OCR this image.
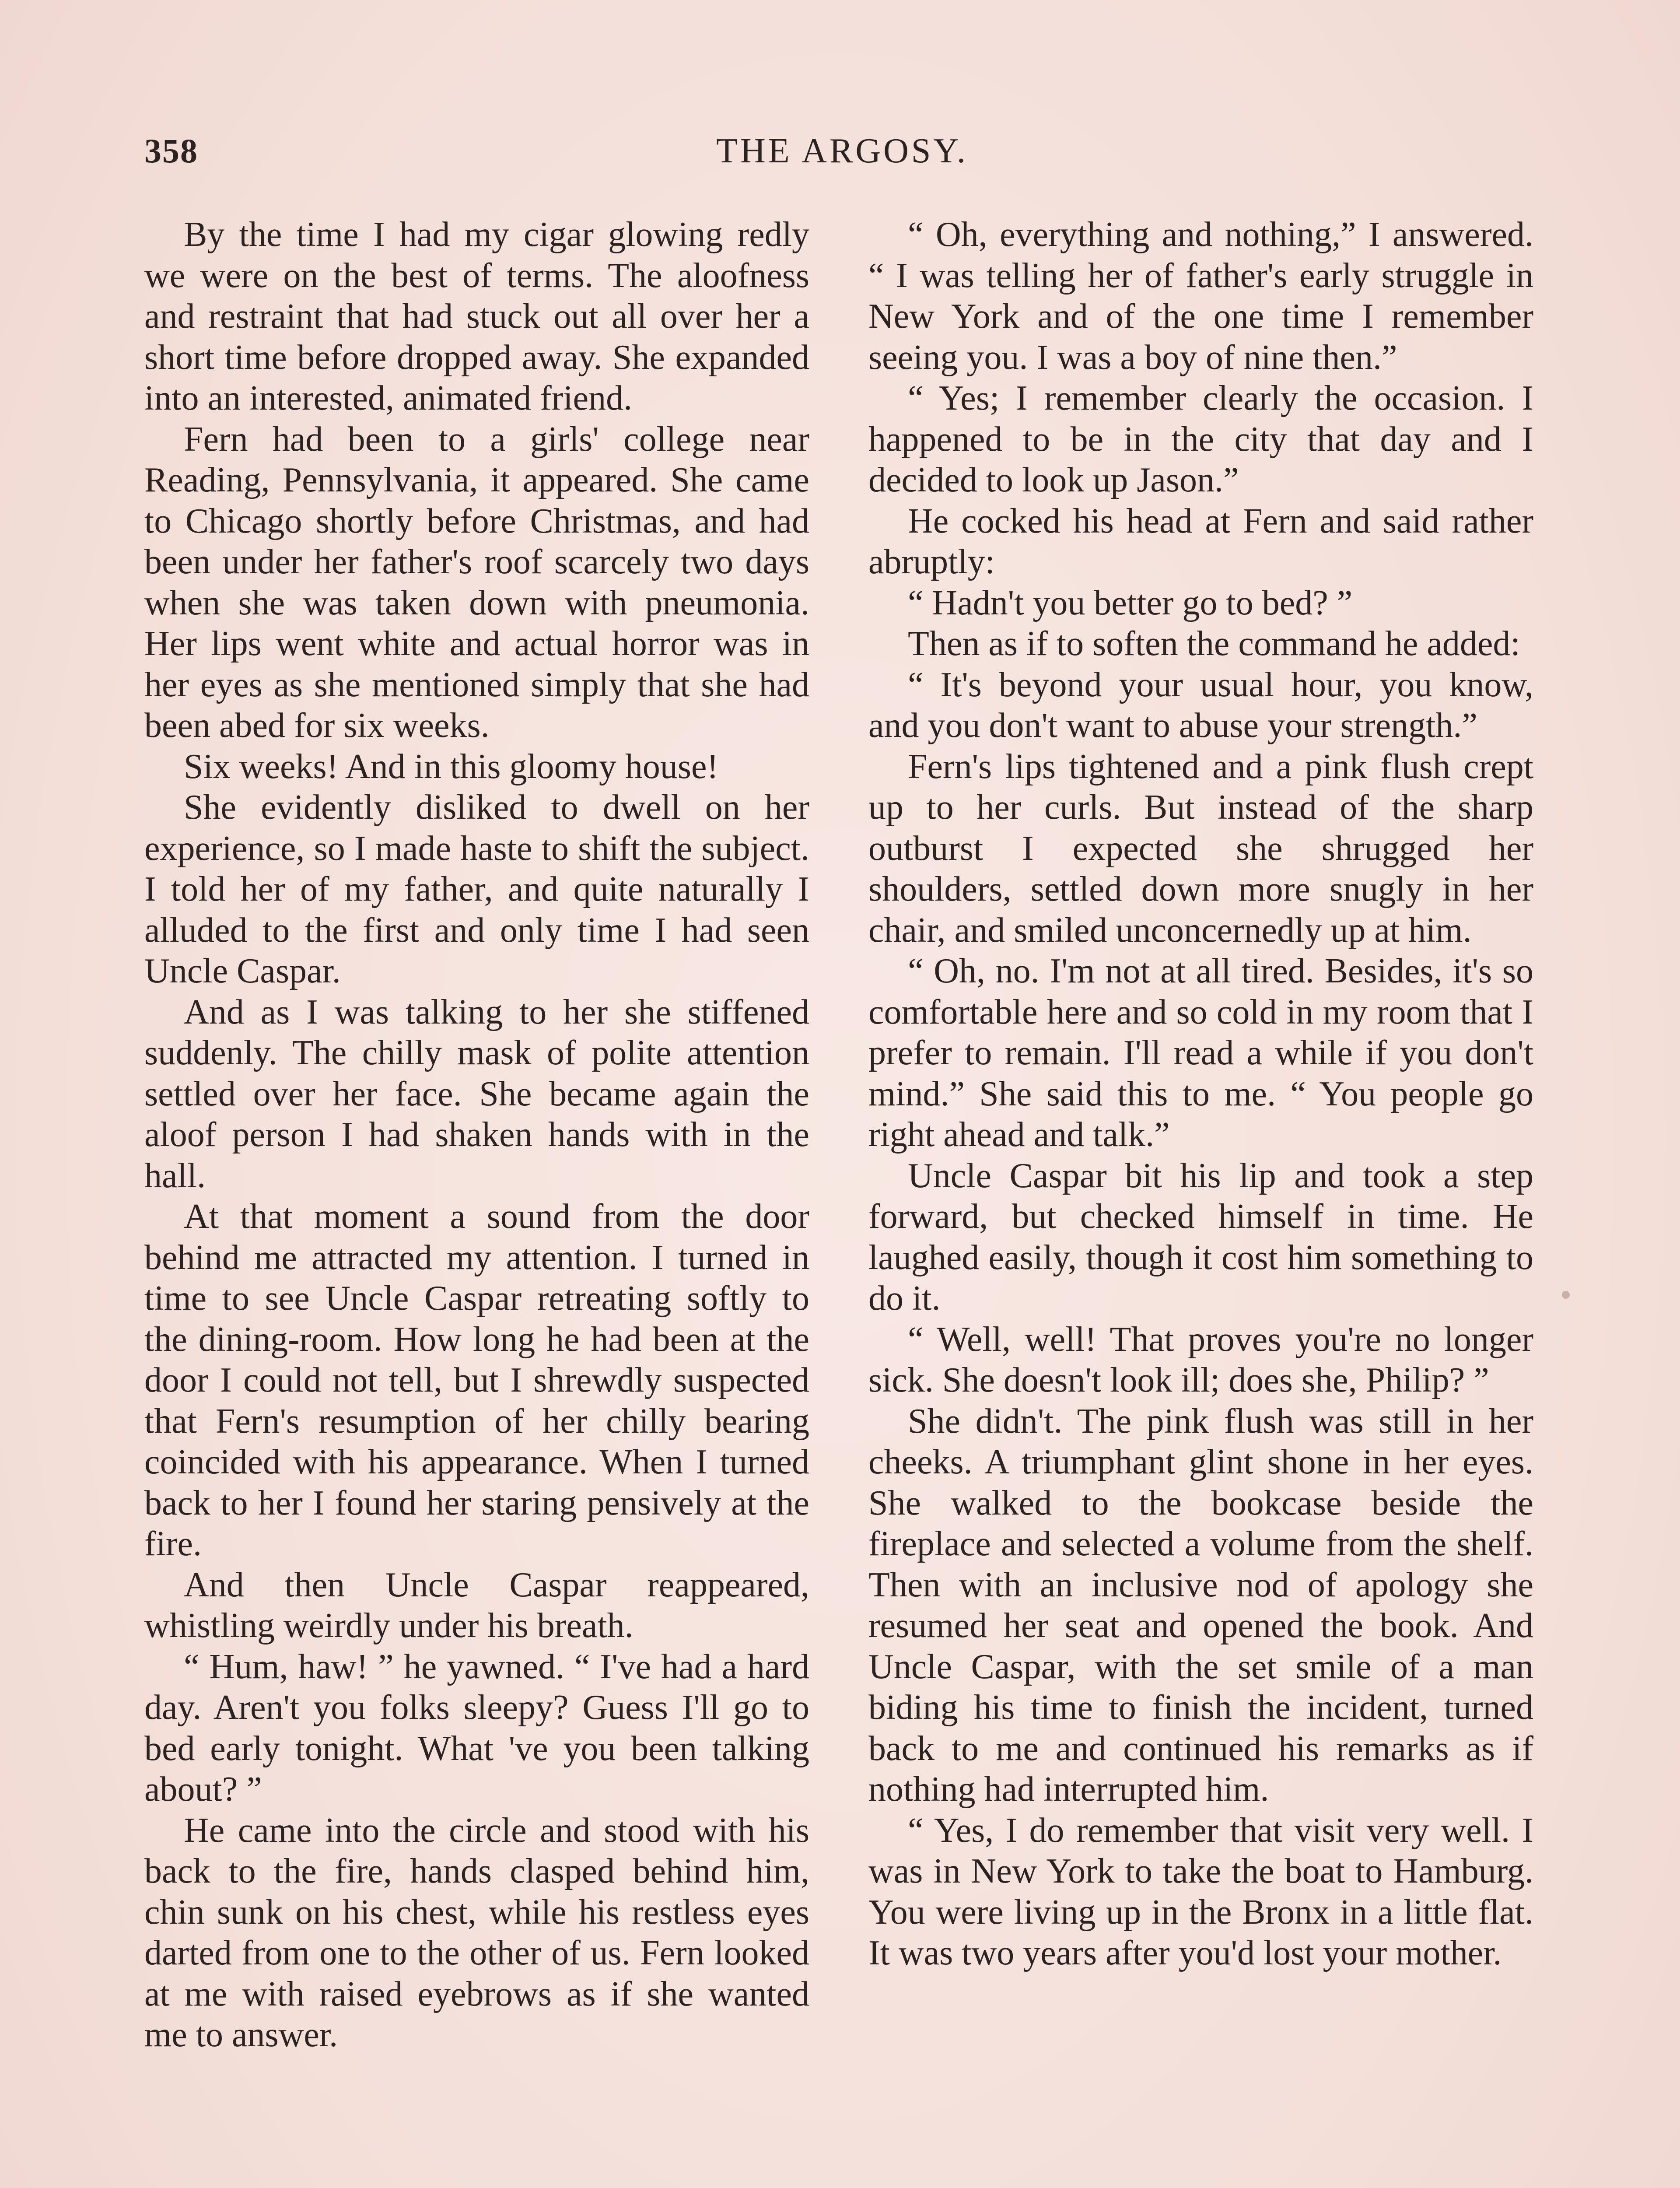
358	THE ARGOSY.

By the time I had my cigar glowing redly we were on the best of terms. The aloofness and restraint that had stuck out all over her a short time before dropped away. She expanded into an interested, animated friend.

Fern had been to a girls' college near Reading, Pennsylvania, it appeared. She came to Chicago shortly before Christmas, and had been under her father's roof scarcely two days when she was taken down with pneumonia. Her lips went white and actual horror was in her eyes as she mentioned simply that she had been abed for six weeks.

Six weeks! And in this gloomy house!

She evidently disliked to dwell on her experience, so I made haste to shift the subject. I told her of my father, and quite naturally I alluded to the first and only time I had seen Uncle Caspar.

And as I was talking to her she stiffened suddenly. The chilly mask of polite attention settled over her face. She became again the aloof person I had shaken hands with in the hall.

At that moment a sound from the door behind me attracted my attention. I turned in time to see Uncle Caspar retreating softly to the dining-room. How long he had been at the door I could not tell, but I shrewdly suspected that Fern's resumption of her chilly bearing coincided with his appearance. When I turned back to her I found her staring pensively at the fire.

And then Uncle Caspar reappeared, whistling weirdly under his breath.

“ Hum, haw! ” he yawned. “ I've had a hard day. Aren't you folks sleepy? Guess I'll go to bed early tonight. What 've you been talking about? ”

He came into the circle and stood with his back to the fire, hands clasped behind him, chin sunk on his chest, while his restless eyes darted from one to the other of us. Fern looked at me with raised eyebrows as if she wanted me to answer.

“ Oh, everything and nothing,” I answered. “ I was telling her of father's early struggle in New York and of the one time I remember seeing you. I was a boy of nine then.”

“ Yes; I remember clearly the occasion. I happened to be in the city that day and I decided to look up Jason.”

He cocked his head at Fern and said rather abruptly:

“ Hadn't you better go to bed? ”

Then as if to soften the command he added:

“ It's beyond your usual hour, you know, and you don't want to abuse your strength.”

Fern's lips tightened and a pink flush crept up to her curls. But instead of the sharp outburst I expected she shrugged her shoulders, settled down more snugly in her chair, and smiled unconcernedly up at him.

“ Oh, no. I'm not at all tired. Besides, it's so comfortable here and so cold in my room that I prefer to remain. I'll read a while if you don't mind.” She said this to me. “ You people go right ahead and talk.”

Uncle Caspar bit his lip and took a step forward, but checked himself in time. He laughed easily, though it cost him something to do it.

“ Well, well! That proves you're no longer sick. She doesn't look ill; does she, Philip? ”

She didn't. The pink flush was still in her cheeks. A triumphant glint shone in her eyes. She walked to the bookcase beside the fireplace and selected a volume from the shelf. Then with an inclusive nod of apology she resumed her seat and opened the book. And Uncle Caspar, with the set smile of a man biding his time to finish the incident, turned back to me and continued his remarks as if nothing had interrupted him.

“ Yes, I do remember that visit very well. I was in New York to take the boat to Hamburg. You were living up in the Bronx in a little flat. It was two years after you'd lost your mother.
